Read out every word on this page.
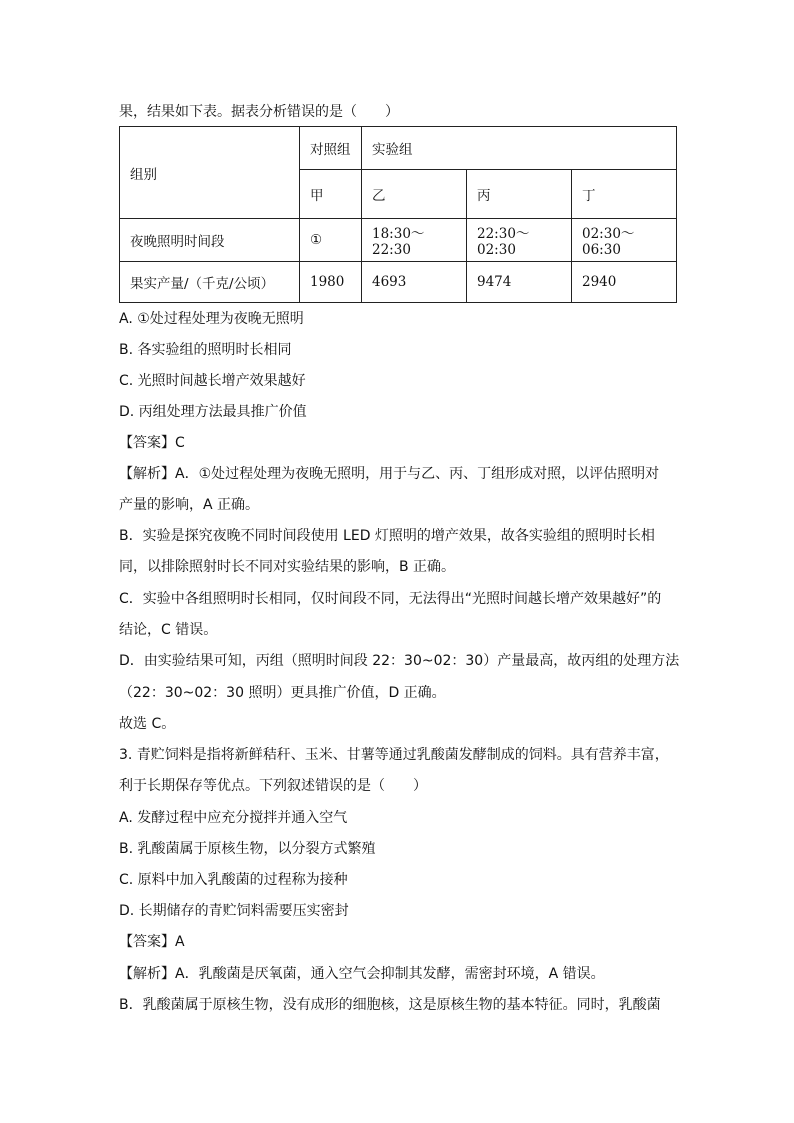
果，结果如下表。据表分析错误的是（　　）
组别	对照组	实验组		
	甲	乙	丙	丁
夜晚照明时间段	①	18:30～22:30	22:30～02:30	02:30～06:30
果实产量/（千克/公顷）	1980	4693	9474	2940
A. ①处过程处理为夜晚无照明
B. 各实验组的照明时长相同
C. 光照时间越长增产效果越好
D. 丙组处理方法最具推广价值
【答案】C
【解析】A．①处过程处理为夜晚无照明，用于与乙、丙、丁组形成对照，以评估照明对
产量的影响，A 正确。
B．实验是探究夜晚不同时间段使用 LED 灯照明的增产效果，故各实验组的照明时长相
同，以排除照射时长不同对实验结果的影响，B 正确。
C．实验中各组照明时长相同，仅时间段不同，无法得出“光照时间越长增产效果越好”的
结论，C 错误。
D．由实验结果可知，丙组（照明时间段 22：30~02：30）产量最高，故丙组的处理方法
（22：30~02：30 照明）更具推广价值，D 正确。
故选 C。
3. 青贮饲料是指将新鲜秸秆、玉米、甘薯等通过乳酸菌发酵制成的饲料。具有营养丰富，
利于长期保存等优点。下列叙述错误的是（　　）
A. 发酵过程中应充分搅拌并通入空气
B. 乳酸菌属于原核生物，以分裂方式繁殖
C. 原料中加入乳酸菌的过程称为接种
D. 长期储存的青贮饲料需要压实密封
【答案】A
【解析】A．乳酸菌是厌氧菌，通入空气会抑制其发酵，需密封环境，A 错误。
B．乳酸菌属于原核生物，没有成形的细胞核，这是原核生物的基本特征。同时，乳酸菌
